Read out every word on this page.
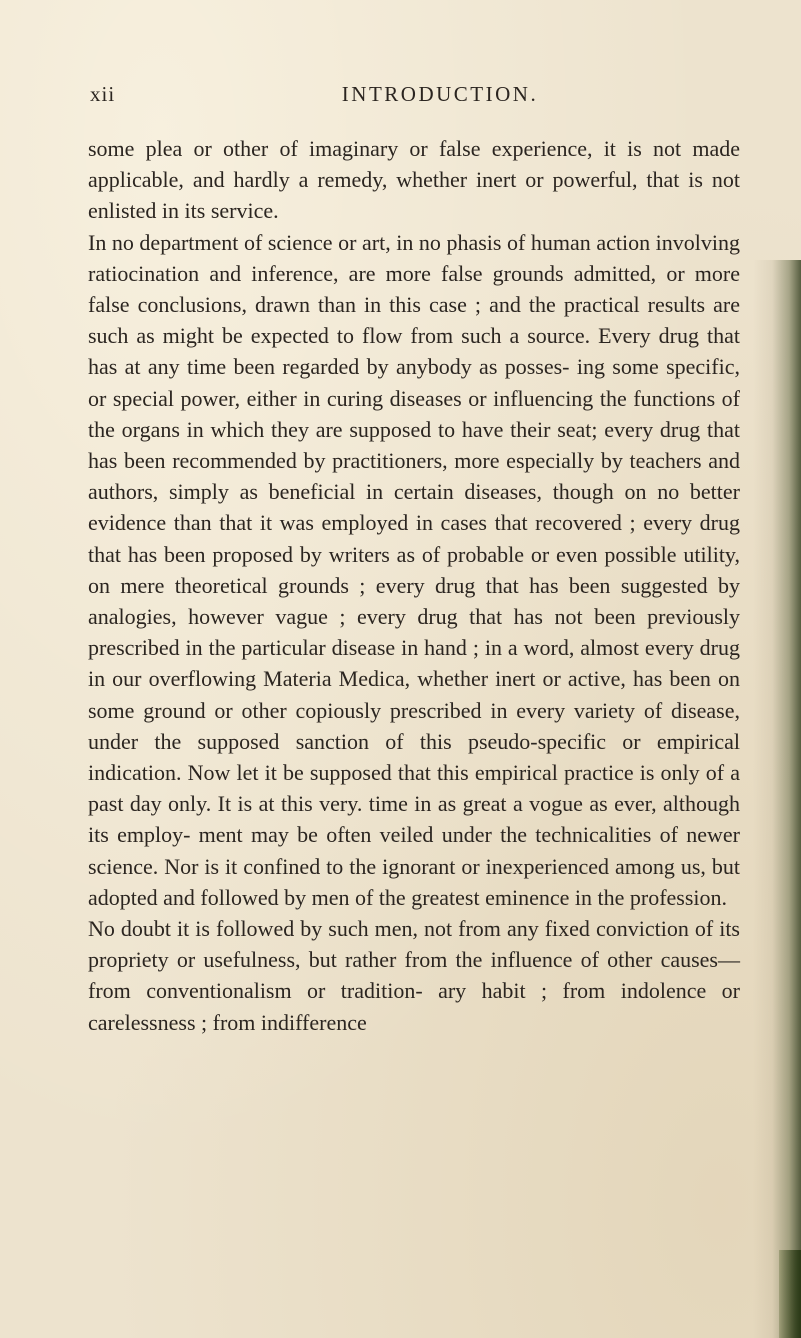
xii	INTRODUCTION.

some plea or other of imaginary or false experience, it is not made applicable, and hardly a remedy, whether inert or powerful, that is not enlisted in its service.

In no department of science or art, in no phasis of human action involving ratiocination and inference, are more false grounds admitted, or more false conclusions, drawn than in this case ; and the practical results are such as might be expected to flow from such a source. Every drug that has at any time been regarded by anybody as posses- ing some specific, or special power, either in curing diseases or influencing the functions of the organs in which they are supposed to have their seat; every drug that has been recommended by practitioners, more especially by teachers and authors, simply as beneficial in certain diseases, though on no better evidence than that it was employed in cases that recovered ; every drug that has been proposed by writers as of probable or even possible utility, on mere theoretical grounds ; every drug that has been suggested by analogies, however vague ; every drug that has not been previously prescribed in the particular disease in hand ; in a word, almost every drug in our overflowing Materia Medica, whether inert or active, has been on some ground or other copiously prescribed in every variety of disease, under the supposed sanction of this pseudo-specific or empirical indication. Now let it be supposed that this empirical practice is only of a past day only. It is at this very. time in as great a vogue as ever, although its employ- ment may be often veiled under the technicalities of newer science. Nor is it confined to the ignorant or inexperienced among us, but adopted and followed by men of the greatest eminence in the profession.

No doubt it is followed by such men, not from any fixed conviction of its propriety or usefulness, but rather from the influence of other causes—from conventionalism or tradition- ary habit ; from indolence or carelessness ; from indifference
